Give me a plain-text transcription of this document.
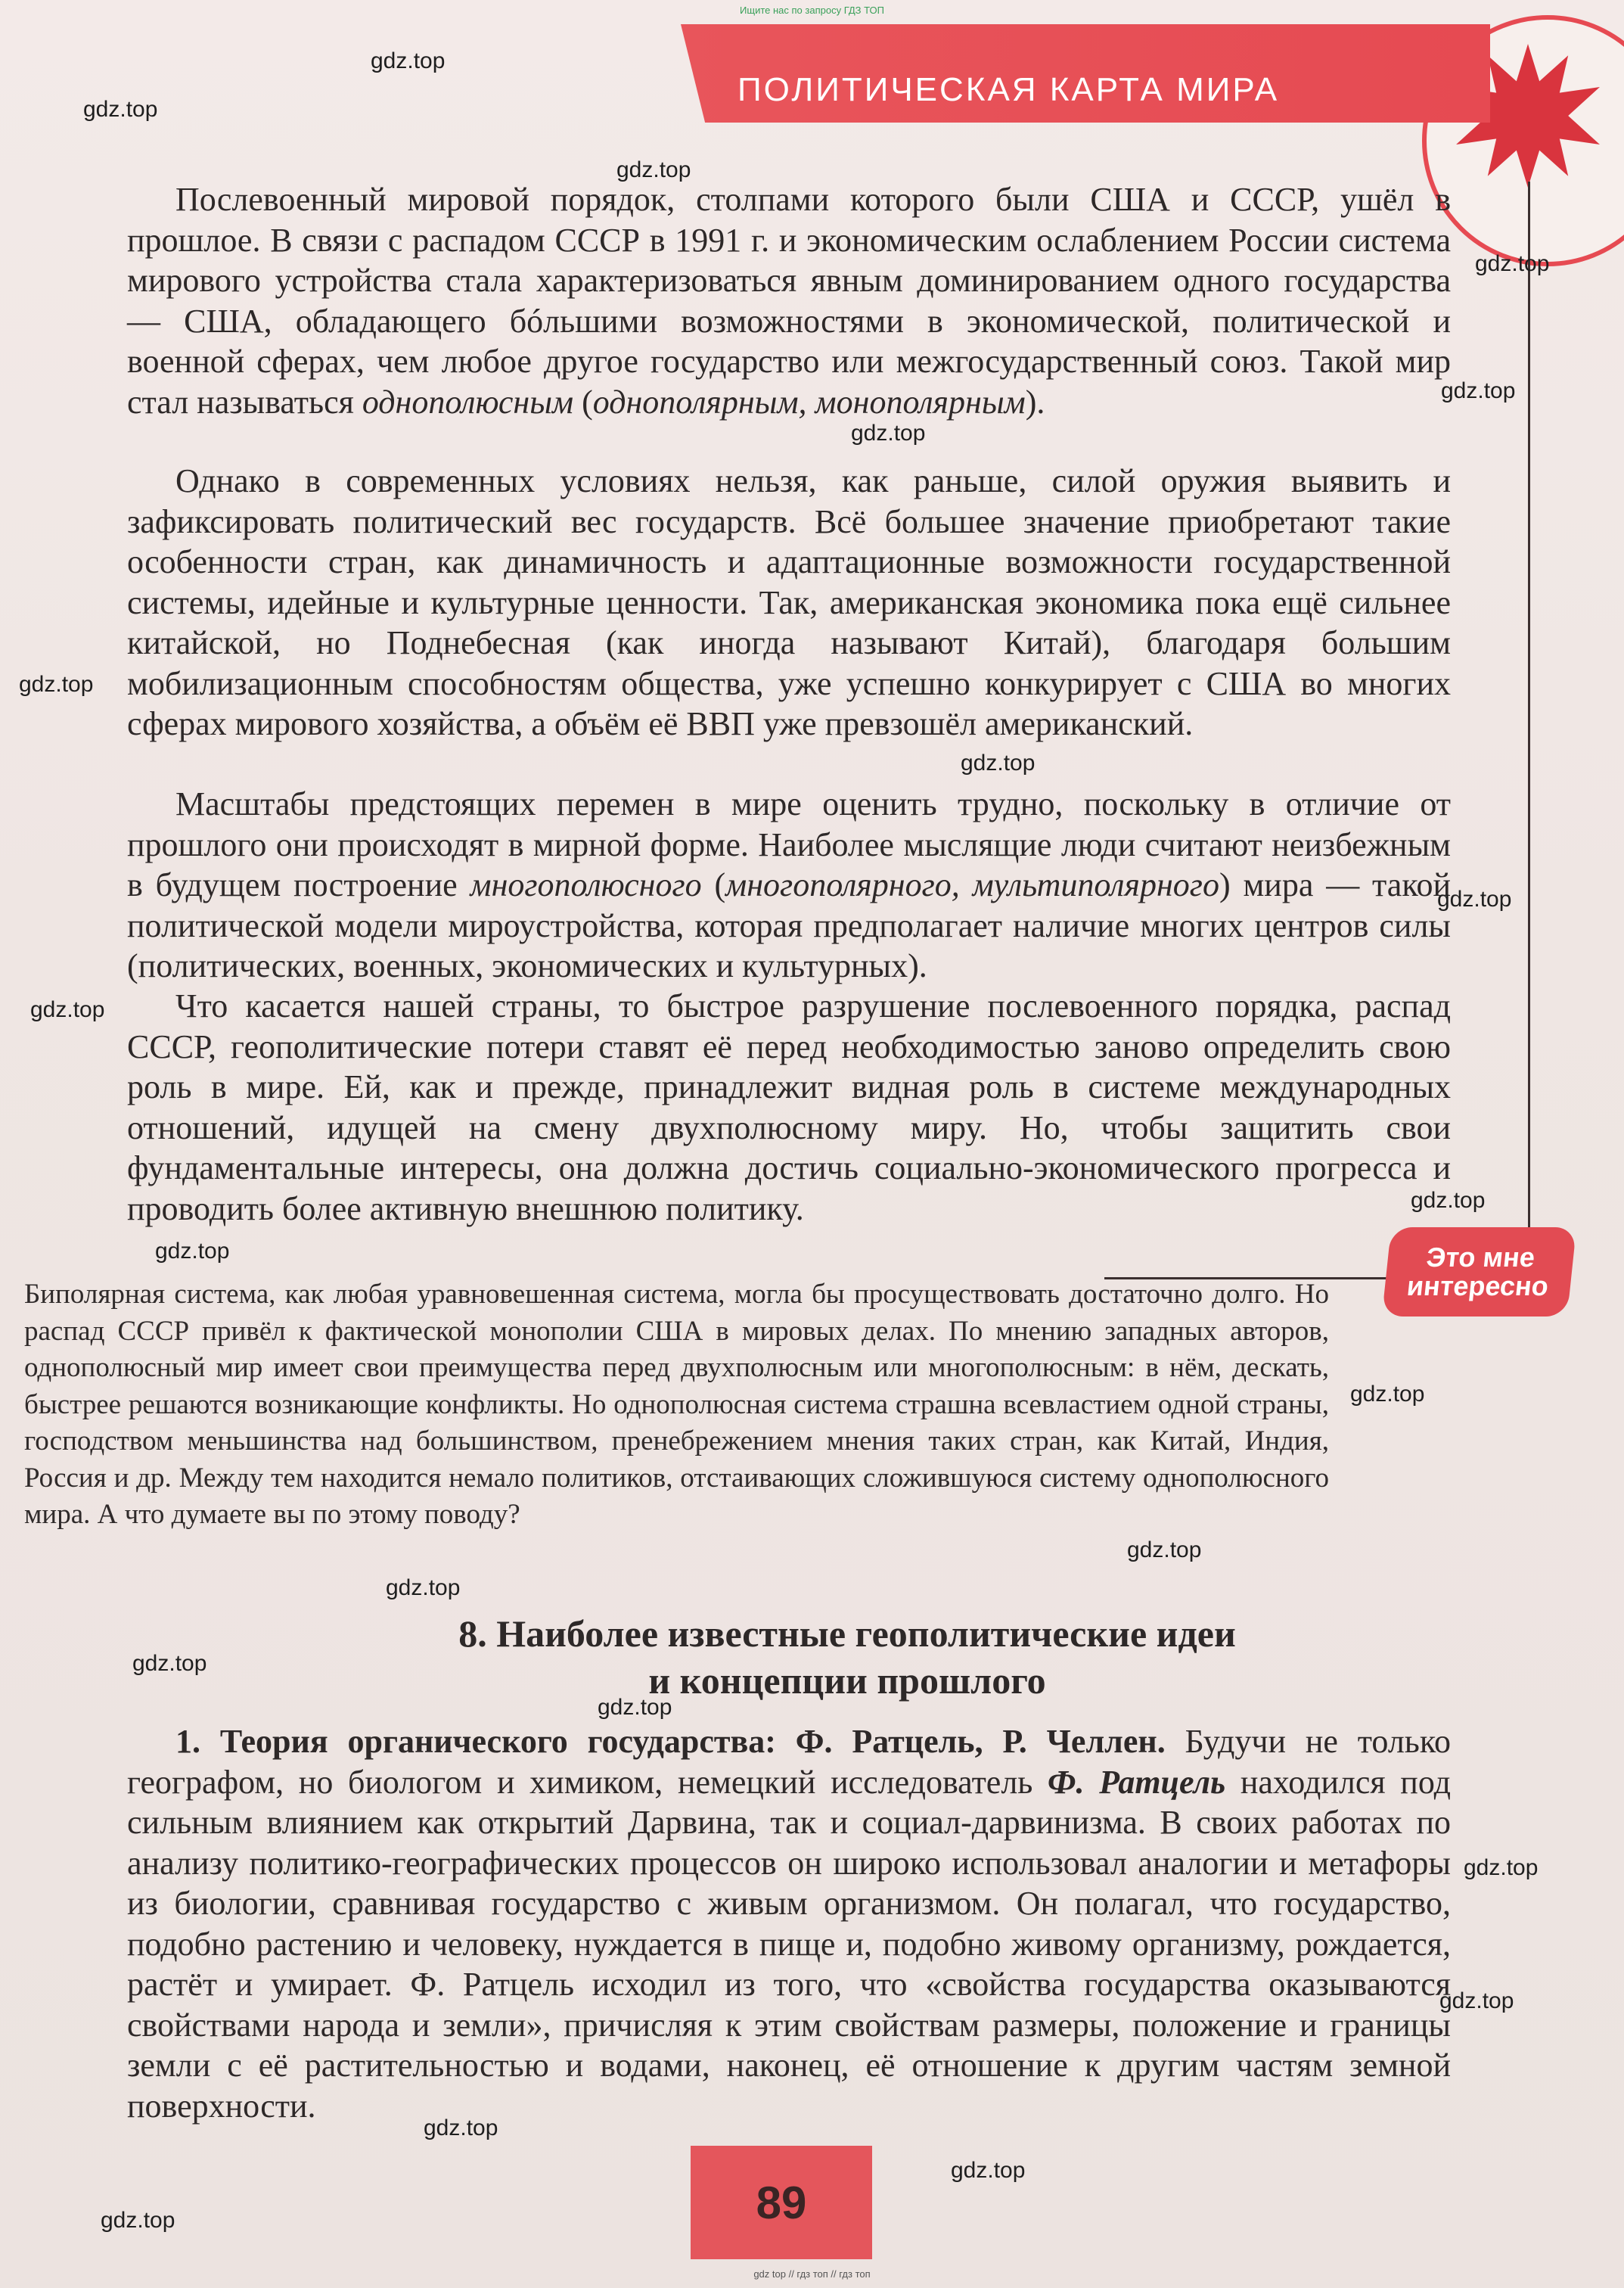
Ищите нас по запросу ГДЗ ТОП
ПОЛИТИЧЕСКАЯ КАРТА МИРА

Послевоенный мировой порядок, столпами которого были США и СССР, ушёл в прошлое. В связи с распадом СССР в 1991 г. и экономическим ослаблением России система мирового устройства стала характеризоваться явным доминированием одного государства — США, обладающего бóльшими возможностями в экономической, политической и военной сферах, чем любое другое государство или межгосударственный союз. Такой мир стал называться однополюсным (однополярным, монополярным).

Однако в современных условиях нельзя, как раньше, силой оружия выявить и зафиксировать политический вес государств. Всё большее значение приобретают такие особенности стран, как динамичность и адаптационные возможности государственной системы, идейные и культурные ценности. Так, американская экономика пока ещё сильнее китайской, но Поднебесная (как иногда называют Китай), благодаря большим мобилизационным способностям общества, уже успешно конкурирует с США во многих сферах мирового хозяйства, а объём её ВВП уже превзошёл американский.

Масштабы предстоящих перемен в мире оценить трудно, поскольку в отличие от прошлого они происходят в мирной форме. Наиболее мыслящие люди считают неизбежным в будущем построение многополюсного (многополярного, мультиполярного) мира — такой политической модели мироустройства, которая предполагает наличие многих центров силы (политических, военных, экономических и культурных).

Что касается нашей страны, то быстрое разрушение послевоенного порядка, распад СССР, геополитические потери ставят её перед необходимостью заново определить свою роль в мире. Ей, как и прежде, принадлежит видная роль в системе международных отношений, идущей на смену двухполюсному миру. Но, чтобы защитить свои фундаментальные интересы, она должна достичь социально-экономического прогресса и проводить более активную внешнюю политику.

Это мне
интересно

Биполярная система, как любая уравновешенная система, могла бы просуществовать достаточно долго. Но распад СССР привёл к фактической монополии США в мировых делах. По мнению западных авторов, однополюсный мир имеет свои преимущества перед двухполюсным или многополюсным: в нём, дескать, быстрее решаются возникающие конфликты. Но однополюсная система страшна всевластием одной страны, господством меньшинства над большинством, пренебрежением мнения таких стран, как Китай, Индия, Россия и др. Между тем находится немало политиков, отстаивающих сложившуюся систему однополюсного мира. А что думаете вы по этому поводу?

8. Наиболее известные геополитические идеи
и концепции прошлого

1. Теория органического государства: Ф. Ратцель, Р. Челлен. Будучи не только географом, но биологом и химиком, немецкий исследователь Ф. Ратцель находился под сильным влиянием как открытий Дарвина, так и социал-дарвинизма. В своих работах по анализу политико-географических процессов он широко использовал аналогии и метафоры из биологии, сравнивая государство с живым организмом. Он полагал, что государство, подобно растению и человеку, нуждается в пище и, подобно живому организму, рождается, растёт и умирает. Ф. Ратцель исходил из того, что «свойства государства оказываются свойствами народа и земли», причисляя к этим свойствам размеры, положение и границы земли с её растительностью и водами, наконец, её отношение к другим частям земной поверхности.

89
gdz top // гдз топ // гдз топ
gdz.top
gdz.top
gdz.top
gdz.top
gdz.top
gdz.top
gdz.top
gdz.top
gdz.top
gdz.top
gdz.top
gdz.top
gdz.top
gdz.top
gdz.top
gdz.top
gdz.top
gdz.top
gdz.top
gdz.top
gdz.top
gdz.top
